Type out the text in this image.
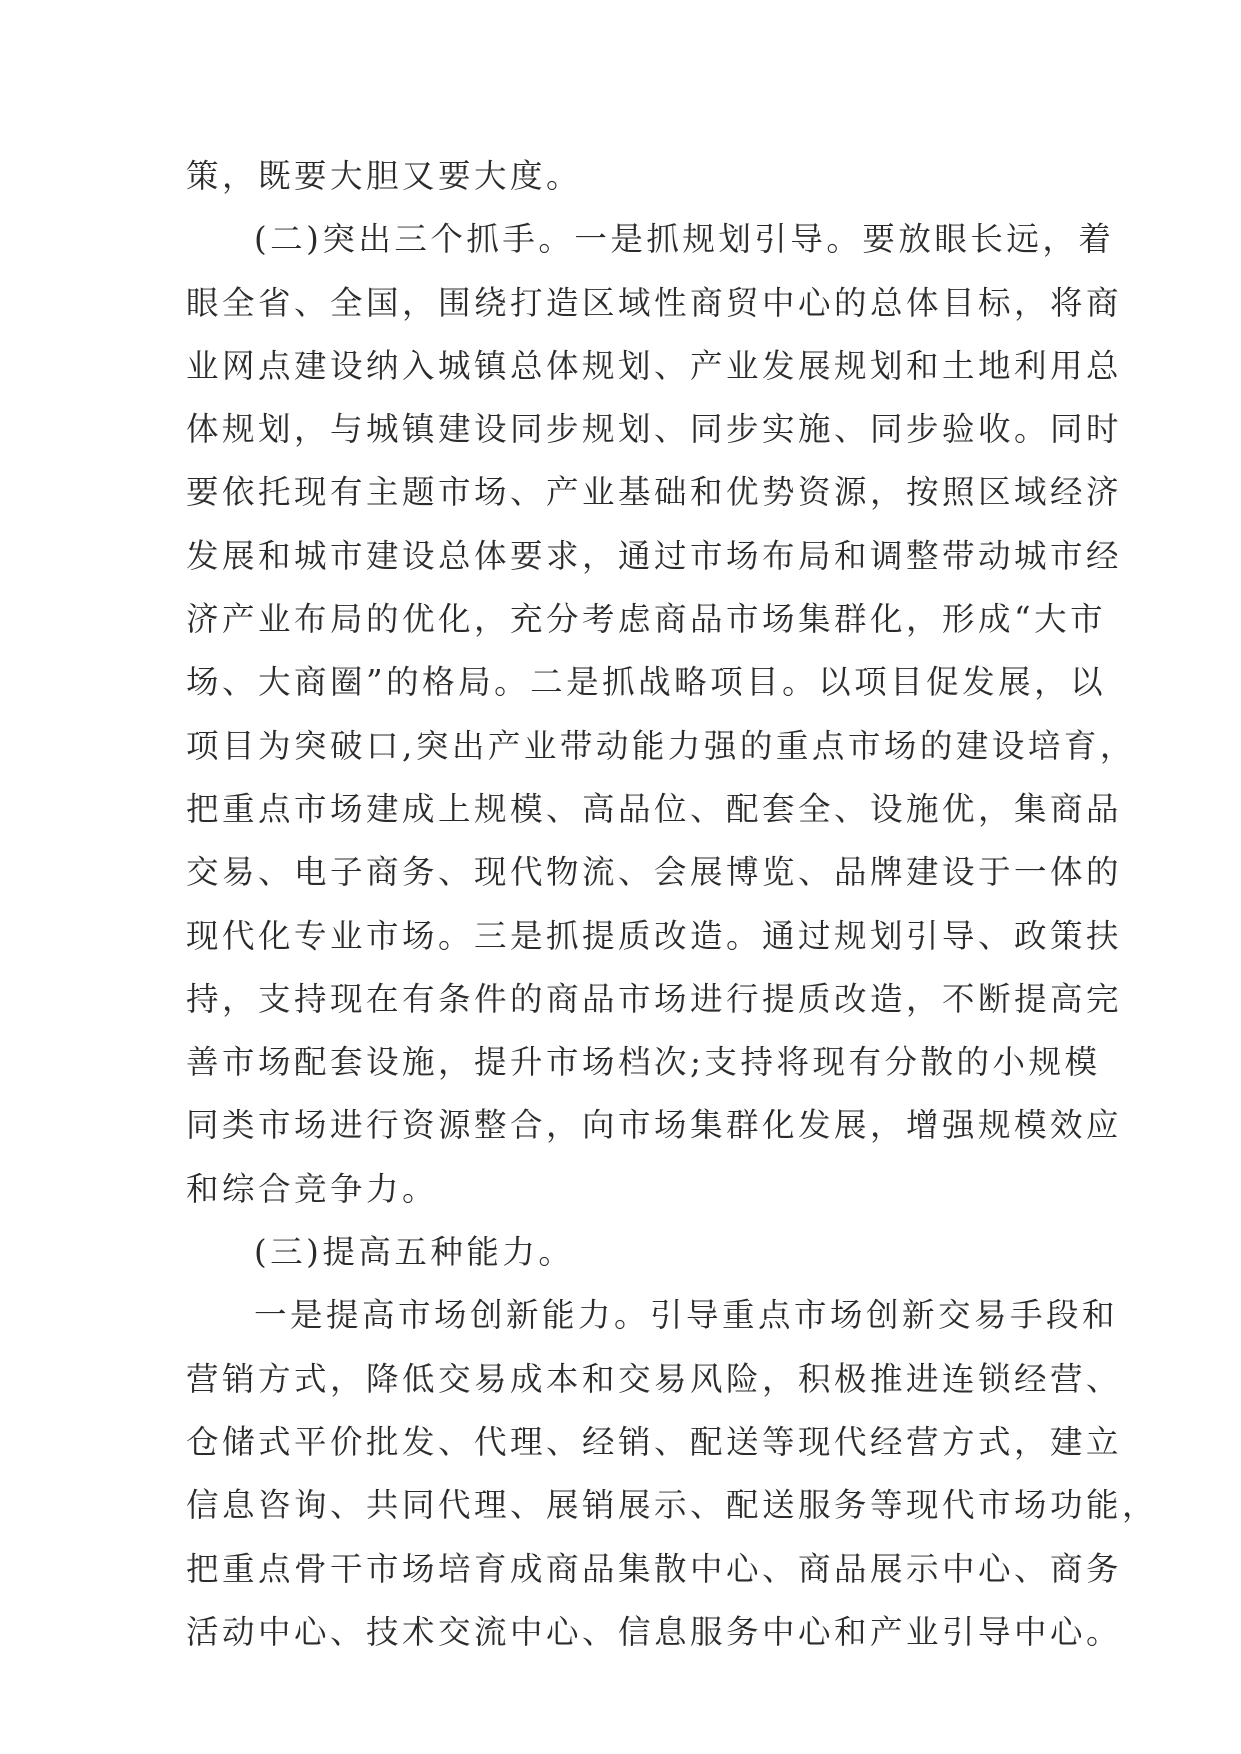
策，既要大胆又要大度。
(二)突出三个抓手。一是抓规划引导。要放眼长远，着
眼全省、全国，围绕打造区域性商贸中心的总体目标，将商
业网点建设纳入城镇总体规划、产业发展规划和土地利用总
体规划，与城镇建设同步规划、同步实施、同步验收。同时
要依托现有主题市场、产业基础和优势资源，按照区域经济
发展和城市建设总体要求，通过市场布局和调整带动城市经
济产业布局的优化，充分考虑商品市场集群化，形成“大市
场、大商圈”的格局。二是抓战略项目。以项目促发展，以
项目为突破口,突出产业带动能力强的重点市场的建设培育，
把重点市场建成上规模、高品位、配套全、设施优，集商品
交易、电子商务、现代物流、会展博览、品牌建设于一体的
现代化专业市场。三是抓提质改造。通过规划引导、政策扶
持，支持现在有条件的商品市场进行提质改造，不断提高完
善市场配套设施，提升市场档次;支持将现有分散的小规模
同类市场进行资源整合，向市场集群化发展，增强规模效应
和综合竞争力。
(三)提高五种能力。
一是提高市场创新能力。引导重点市场创新交易手段和
营销方式，降低交易成本和交易风险，积极推进连锁经营、
仓储式平价批发、代理、经销、配送等现代经营方式，建立
信息咨询、共同代理、展销展示、配送服务等现代市场功能，
把重点骨干市场培育成商品集散中心、商品展示中心、商务
活动中心、技术交流中心、信息服务中心和产业引导中心。
